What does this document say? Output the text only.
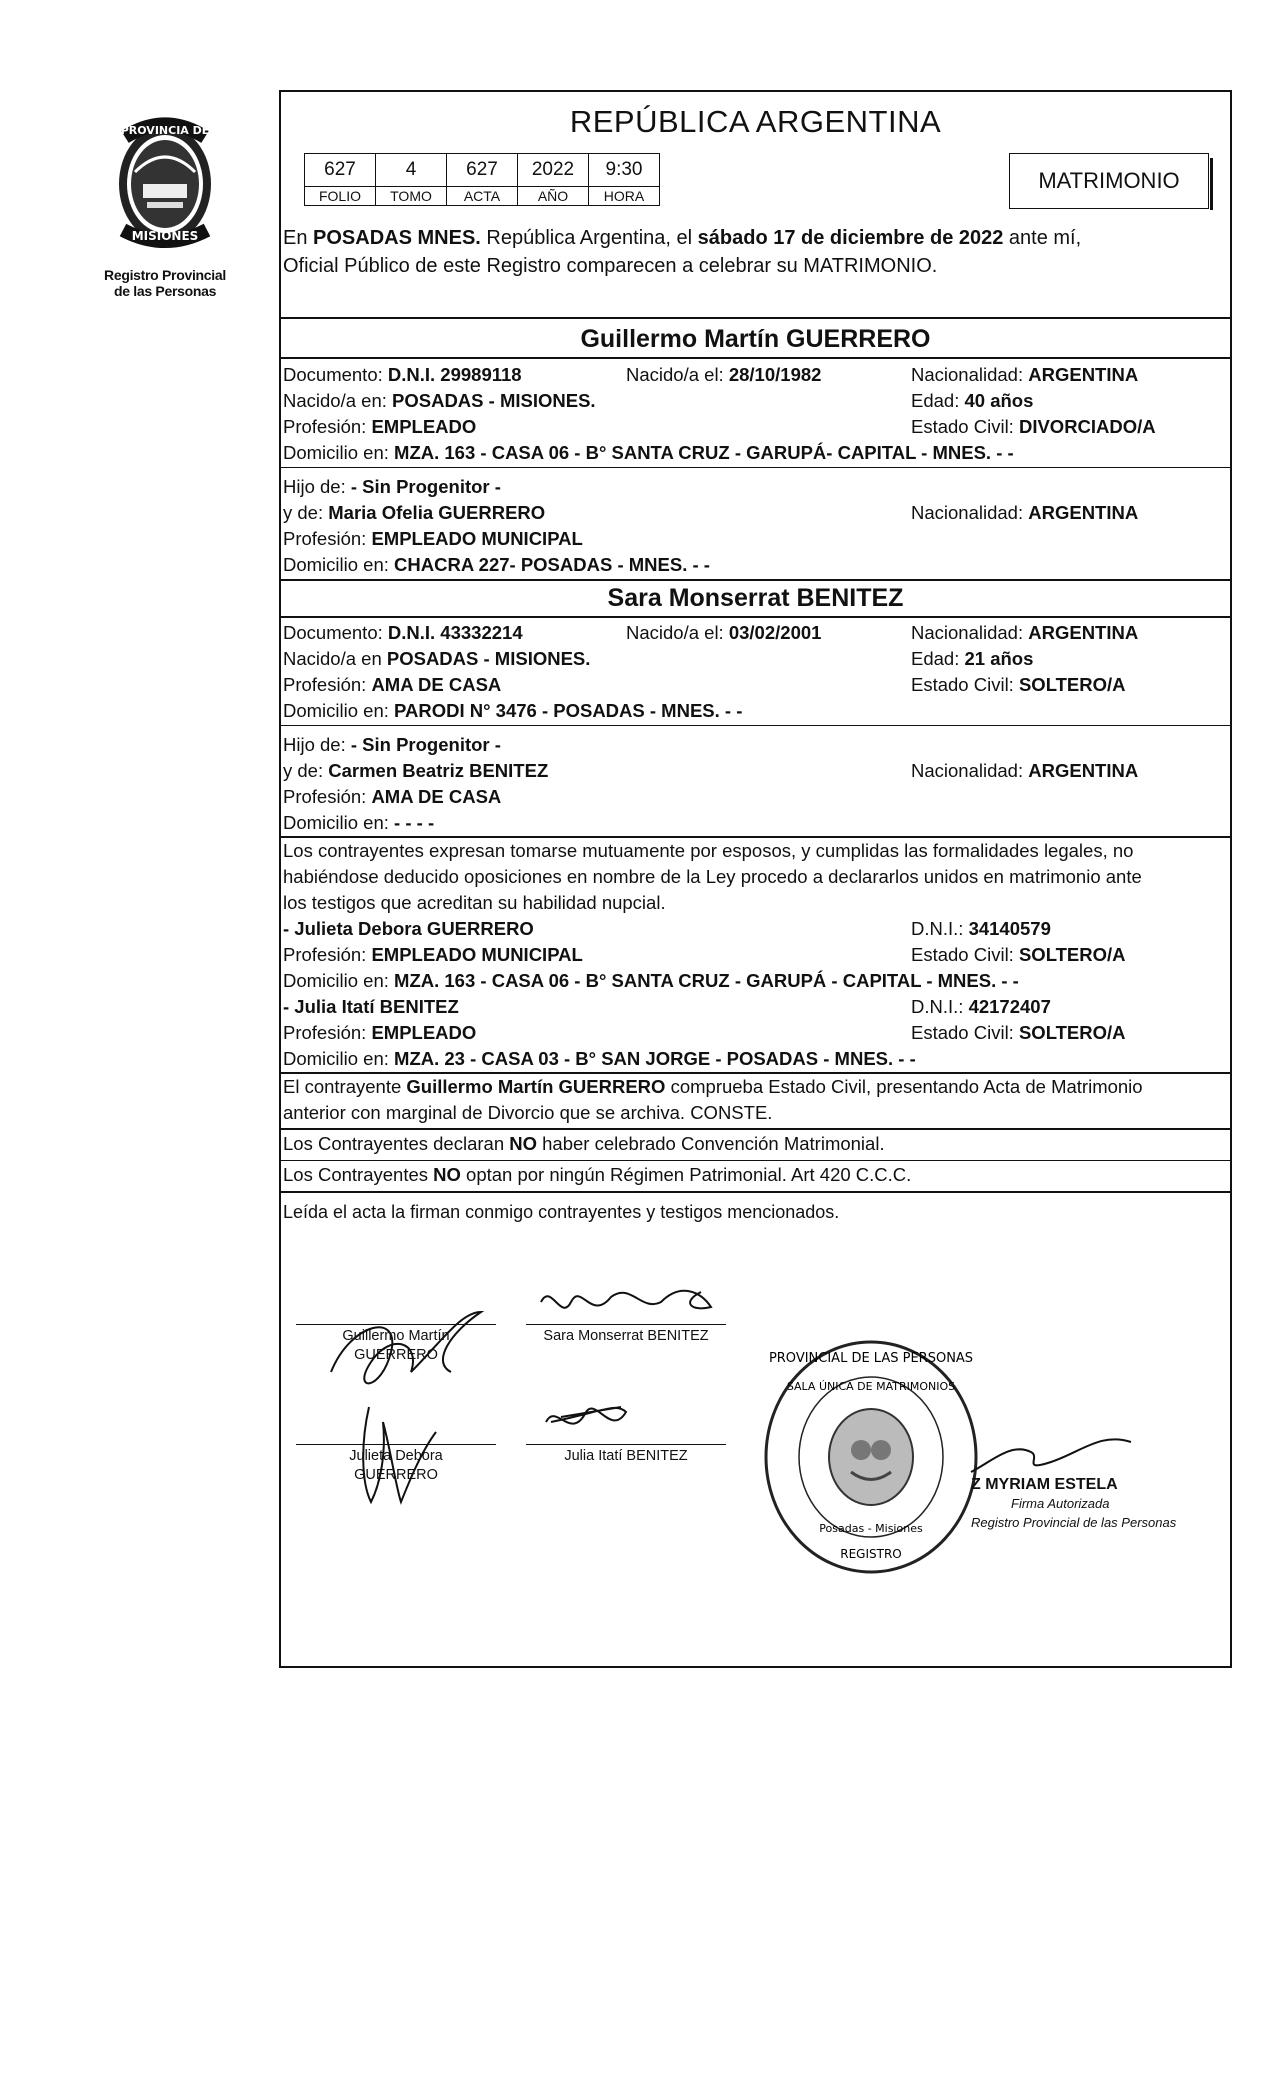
PROVINCIA DE
MISIONES
Registro Provincial
de las Personas
REPÚBLICA ARGENTINA
627	4	627	2022	9:30
FOLIO	TOMO	ACTA	AÑO	HORA
MATRIMONIO
En POSADAS MNES. República Argentina, el sábado 17 de diciembre de 2022 ante mí,
Oficial Público de este Registro comparecen a celebrar su MATRIMONIO.
Guillermo Martín GUERRERO
Documento: D.N.I. 29989118	Nacido/a el: 28/10/1982	Nacionalidad: ARGENTINA
Nacido/a en: POSADAS - MISIONES.	Edad: 40 años
Profesión: EMPLEADO	Estado Civil: DIVORCIADO/A
Domicilio en: MZA. 163 - CASA 06 - B° SANTA CRUZ - GARUPÁ- CAPITAL - MNES. - -
Hijo de: - Sin Progenitor -
y de: Maria Ofelia GUERRERO	Nacionalidad: ARGENTINA
Profesión: EMPLEADO MUNICIPAL
Domicilio en: CHACRA 227- POSADAS - MNES. - -
Sara Monserrat BENITEZ
Documento: D.N.I. 43332214	Nacido/a el: 03/02/2001	Nacionalidad: ARGENTINA
Nacido/a en POSADAS - MISIONES.	Edad: 21 años
Profesión: AMA DE CASA	Estado Civil: SOLTERO/A
Domicilio en: PARODI N° 3476 - POSADAS - MNES. - -
Hijo de: - Sin Progenitor -
y de: Carmen Beatriz BENITEZ	Nacionalidad: ARGENTINA
Profesión: AMA DE CASA
Domicilio en: - - - -
Los contrayentes expresan tomarse mutuamente por esposos, y cumplidas las formalidades legales, no
habiéndose deducido oposiciones en nombre de la Ley procedo a declararlos unidos en matrimonio ante
los testigos que acreditan su habilidad nupcial.
- Julieta Debora GUERRERO	D.N.I.: 34140579
Profesión: EMPLEADO MUNICIPAL	Estado Civil: SOLTERO/A
Domicilio en: MZA. 163 - CASA 06 - B° SANTA CRUZ - GARUPÁ - CAPITAL - MNES. - -
- Julia Itatí BENITEZ	D.N.I.: 42172407
Profesión: EMPLEADO	Estado Civil: SOLTERO/A
Domicilio en: MZA. 23 - CASA 03 - B° SAN JORGE - POSADAS - MNES. - -
El contrayente Guillermo Martín GUERRERO comprueba Estado Civil, presentando Acta de Matrimonio
anterior con marginal de Divorcio que se archiva. CONSTE.
Los Contrayentes declaran NO haber celebrado Convención Matrimonial.
Los Contrayentes NO optan por ningún Régimen Patrimonial. Art 420 C.C.C.
Leída el acta la firman conmigo contrayentes y testigos mencionados.
Guillermo Martín
GUERRERO
Sara Monserrat BENITEZ
Julieta Debora
GUERRERO
Julia Itatí BENITEZ
PROVINCIAL DE LAS PERSONAS
SALA ÚNICA DE MATRIMONIOS
Posadas - Misiones
REGISTRO
Z MYRIAM ESTELA
Firma Autorizada
Registro Provincial de las Personas
